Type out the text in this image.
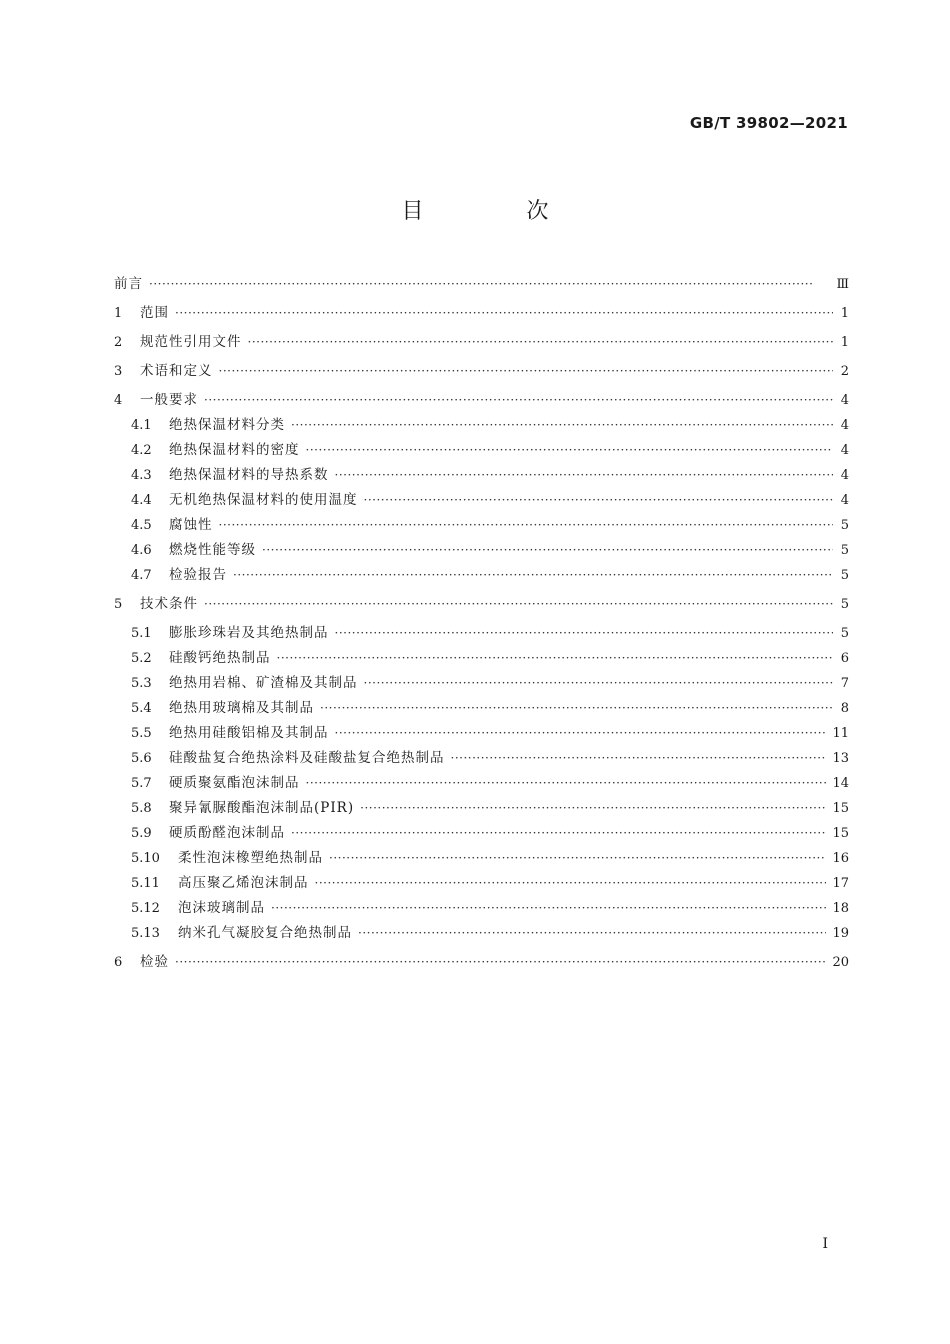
GB/T 39802—2021
目 次
前言 ·····	Ⅲ
1	范围 ·····	1
2	规范性引用文件 ·····	1
3	术语和定义 ·····	2
4	一般要求 ·····	4
4.1	绝热保温材料分类 ·····	4
4.2	绝热保温材料的密度 ·····	4
4.3	绝热保温材料的导热系数 ·····	4
4.4	无机绝热保温材料的使用温度 ·····	4
4.5	腐蚀性 ·····	5
4.6	燃烧性能等级 ·····	5
4.7	检验报告 ·····	5
5	技术条件 ·····	5
5.1	膨胀珍珠岩及其绝热制品 ·····	5
5.2	硅酸钙绝热制品 ·····	6
5.3	绝热用岩棉、矿渣棉及其制品 ·····	7
5.4	绝热用玻璃棉及其制品 ·····	8
5.5	绝热用硅酸铝棉及其制品 ·····	11
5.6	硅酸盐复合绝热涂料及硅酸盐复合绝热制品 ·····	13
5.7	硬质聚氨酯泡沫制品 ·····	14
5.8	聚异氰脲酸酯泡沫制品(PIR) ·····	15
5.9	硬质酚醛泡沫制品 ·····	15
5.10	柔性泡沫橡塑绝热制品 ·····	16
5.11	高压聚乙烯泡沫制品 ·····	17
5.12	泡沫玻璃制品 ·····	18
5.13	纳米孔气凝胶复合绝热制品 ·····	19
6	检验 ·····	20
Ⅰ
